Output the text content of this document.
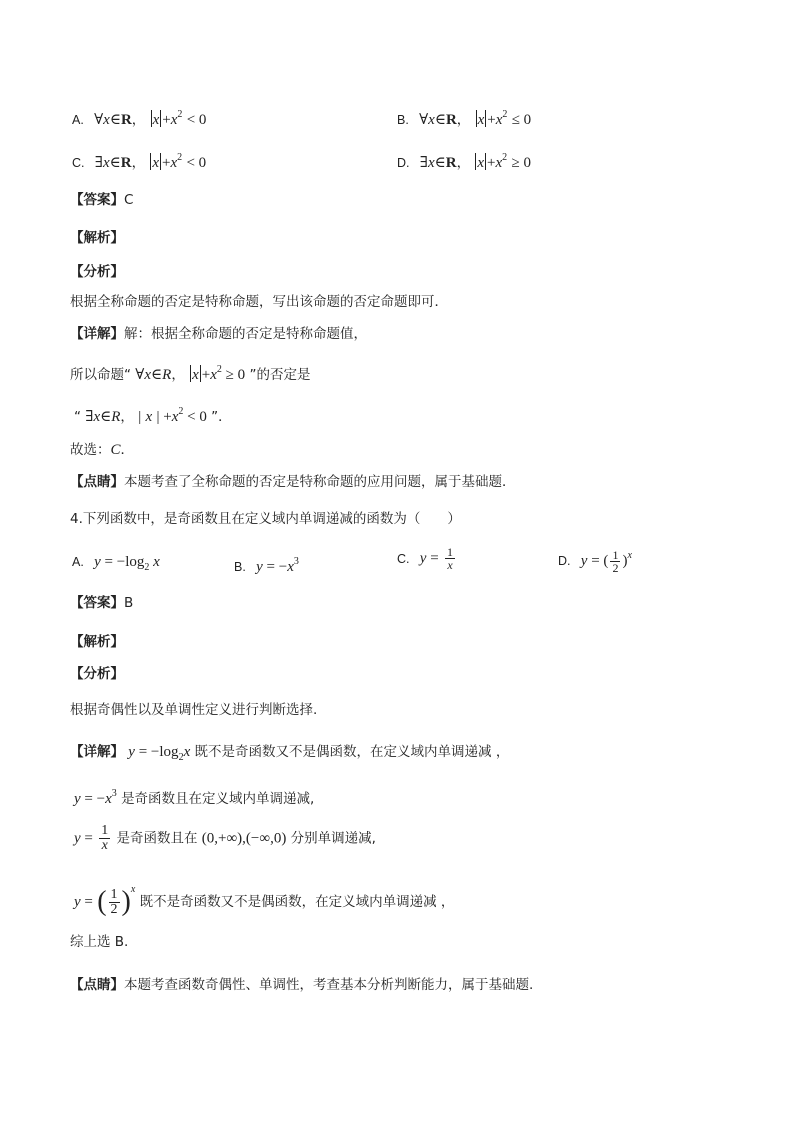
A. ∀x∈R， $x +x^2 < 0$	B. ∀x∈R， $x +x^2 \le 0$
C. ∃x∈R， $x +x^2 < 0$	D. ∃x∈R， $x +x^2 \ge 0$
【答案】C
【解析】
【分析】
根据全称命题的否定是特称命题，写出该命题的否定命题即可．
【详解】解：根据全称命题的否定是特称命题值，
所以命题“ ∀x∈R， $x +x^2 \ge 0$ ”的否定是
“ ∃x∈R， | x | $+x^2 < 0$ ”．
故选：C．
【点睛】本题考查了全称命题的否定是特称命题的应用问题，属于基础题．
4.下列函数中，是奇函数且在定义域内单调递减的函数为（　　）
A. $y = -\log_2$ x	B. $y = -x^3$	C. $y = \frac{1}{x}$	D. y = ( $\frac{1}{2} )^x$
【答案】B
【解析】
【分析】
根据奇偶性以及单调性定义进行判断选择.
【详解】 $y = -\log_2x$ 既不是奇函数又不是偶函数，在定义域内单调递减 ，
$y = -x^3$ 是奇函数且在定义域内单调递减,
$y = \frac{1}{x}$ 是奇函数且在 (0,+∞),(−∞,0) 分别单调递减,
y = ( $\frac{1}{2} )^x$ 既不是奇函数又不是偶函数，在定义域内单调递减 ，
综上选 B.
【点睛】本题考查函数奇偶性、单调性，考查基本分析判断能力，属于基础题.
